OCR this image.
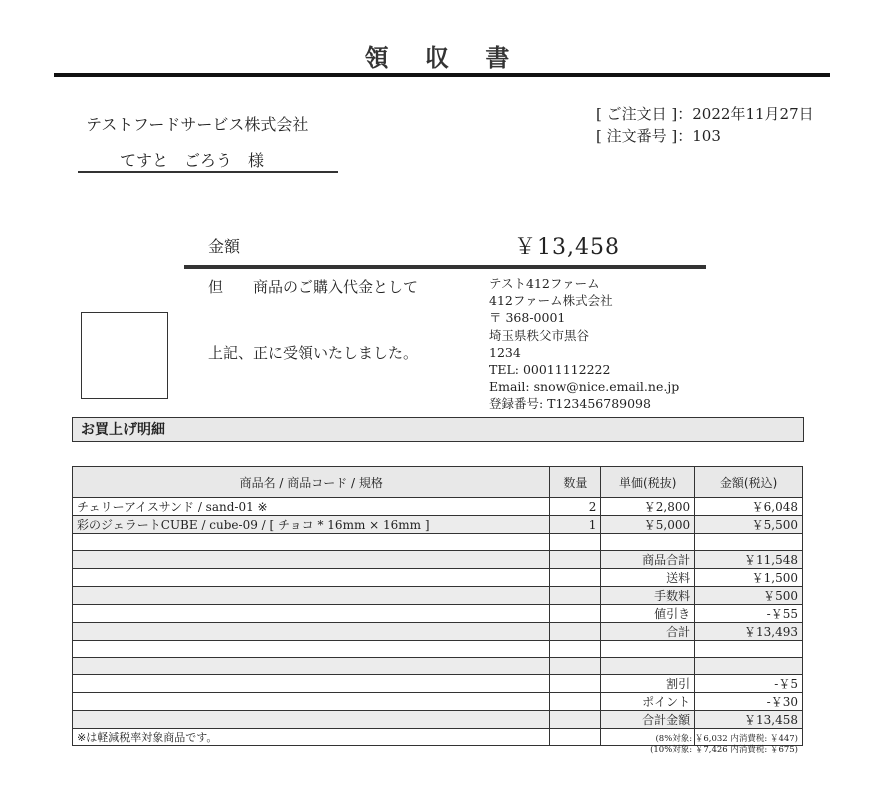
領 収 書
テストフードサービス株式会社
てすと　ごろう　様
[ ご注文日 ]：2022年11月27日
[ 注文番号 ]：103
金額	￥13,458
但　　商品のご購入代金として
上記、正に受領いたしました。
テスト412ファーム
412ファーム株式会社
〒 368-0001
埼玉県秩父市黒谷
1234
TEL: 00011112222
Email: snow@nice.email.ne.jp
登録番号: T123456789098
お買上げ明細
商品名 / 商品コード / 規格	数量	単価(税抜)	金額(税込)
チェリーアイスサンド / sand-01 ※	2	￥2,800	￥6,048
彩のジェラートCUBE / cube-09 / [ チョコ * 16mm × 16mm ]	1	￥5,000	￥5,500

		商品合計	￥11,548
		送料	￥1,500
		手数料	￥500
		値引き	-￥55
		合計	￥13,493

		割引	-￥5
		ポイント	-￥30
		合計金額	￥13,458
※は軽減税率対象商品です。				(8%対象: ￥6,032 内消費税: ￥447)
(10%対象: ￥7,426 内消費税: ￥675)
